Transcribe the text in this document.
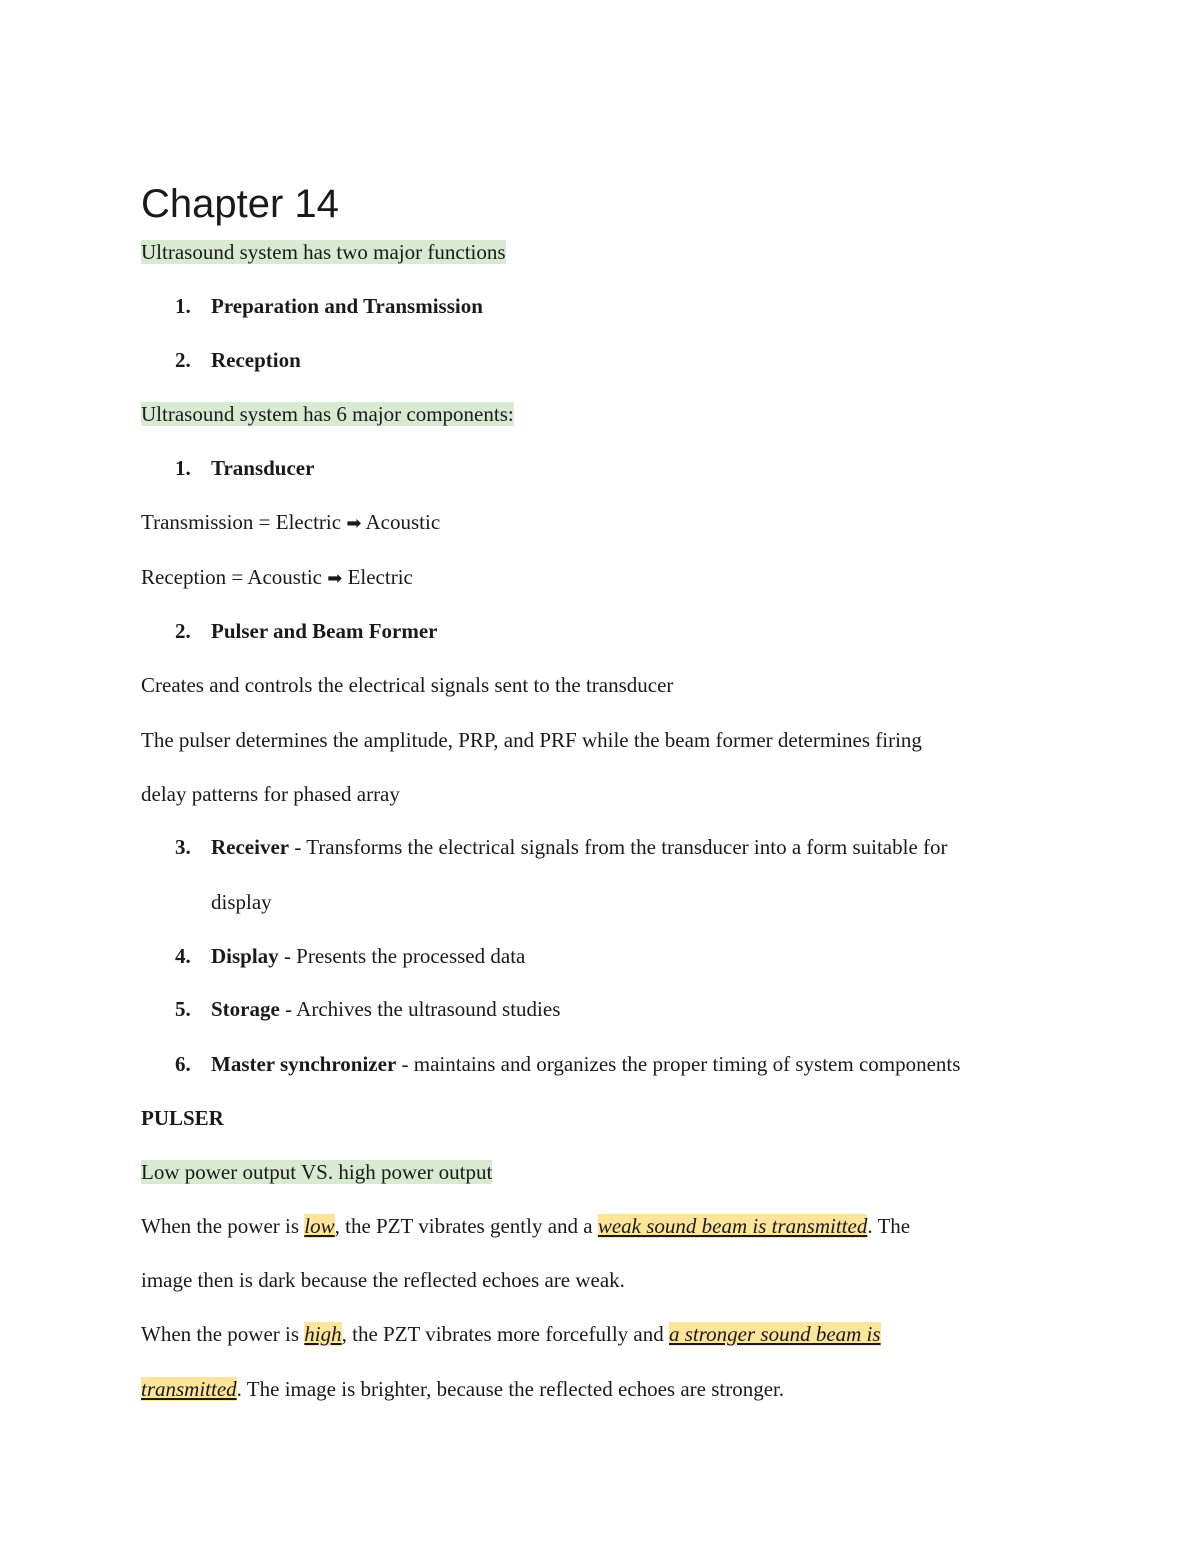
Chapter 14
Ultrasound system has two major functions
1. Preparation and Transmission
2. Reception
Ultrasound system has 6 major components:
1. Transducer
Transmission = Electric ➡ Acoustic
Reception = Acoustic ➡ Electric
2. Pulser and Beam Former
Creates and controls the electrical signals sent to the transducer
The pulser determines the amplitude, PRP, and PRF while the beam former determines firing
delay patterns for phased array
3. Receiver - Transforms the electrical signals from the transducer into a form suitable for
display
4. Display - Presents the processed data
5. Storage - Archives the ultrasound studies
6. Master synchronizer - maintains and organizes the proper timing of system components
PULSER
Low power output VS. high power output
When the power is low, the PZT vibrates gently and a weak sound beam is transmitted. The
image then is dark because the reflected echoes are weak.
When the power is high, the PZT vibrates more forcefully and a stronger sound beam is
transmitted. The image is brighter, because the reflected echoes are stronger.
